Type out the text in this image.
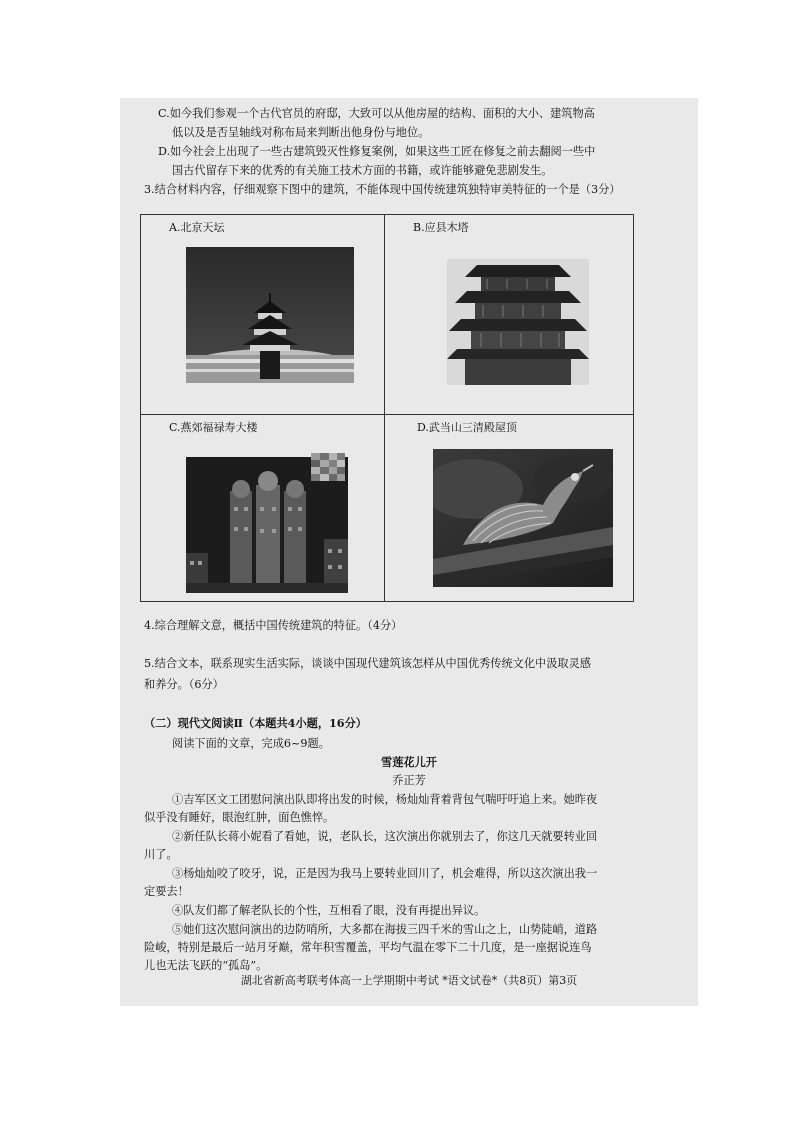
C.如今我们参观一个古代官员的府邸，大致可以从他房屋的结构、面积的大小、建筑物高
低以及是否呈轴线对称布局来判断出他身份与地位。
D.如今社会上出现了一些古建筑毁灭性修复案例，如果这些工匠在修复之前去翻阅一些中
国古代留存下来的优秀的有关施工技术方面的书籍，或许能够避免悲剧发生。
3.结合材料内容，仔细观察下图中的建筑，不能体现中国传统建筑独特审美特征的一个是（3分）
A.北京天坛	B.应县木塔
C.燕郊福禄寿大楼	D.武当山三清殿屋顶
4.综合理解文意，概括中国传统建筑的特征。（4分）
5.结合文本，联系现实生活实际，谈谈中国现代建筑该怎样从中国优秀传统文化中汲取灵感
和养分。（6分）
（二）现代文阅读Ⅱ（本题共4小题，16分）
阅读下面的文章，完成6~9题。
雪莲花儿开
乔正芳
①吉军区文工团慰问演出队即将出发的时候，杨灿灿背着背包气喘吁吁追上来。她昨夜
似乎没有睡好，眼泡红肿，面色憔悴。
②新任队长蒋小妮看了看她，说，老队长，这次演出你就别去了，你这几天就要转业回
川了。
③杨灿灿咬了咬牙，说，正是因为我马上要转业回川了，机会难得，所以这次演出我一
定要去！
④队友们都了解老队长的个性，互相看了眼，没有再提出异议。
⑤她们这次慰问演出的边防哨所，大多都在海拔三四千米的雪山之上，山势陡峭，道路
险峻，特别是最后一站月牙巅，常年积雪覆盖，平均气温在零下二十几度，是一座据说连鸟
儿也无法飞跃的“孤岛”。
湖北省新高考联考体高一上学期期中考试 *语文试卷*（共8页）第3页
